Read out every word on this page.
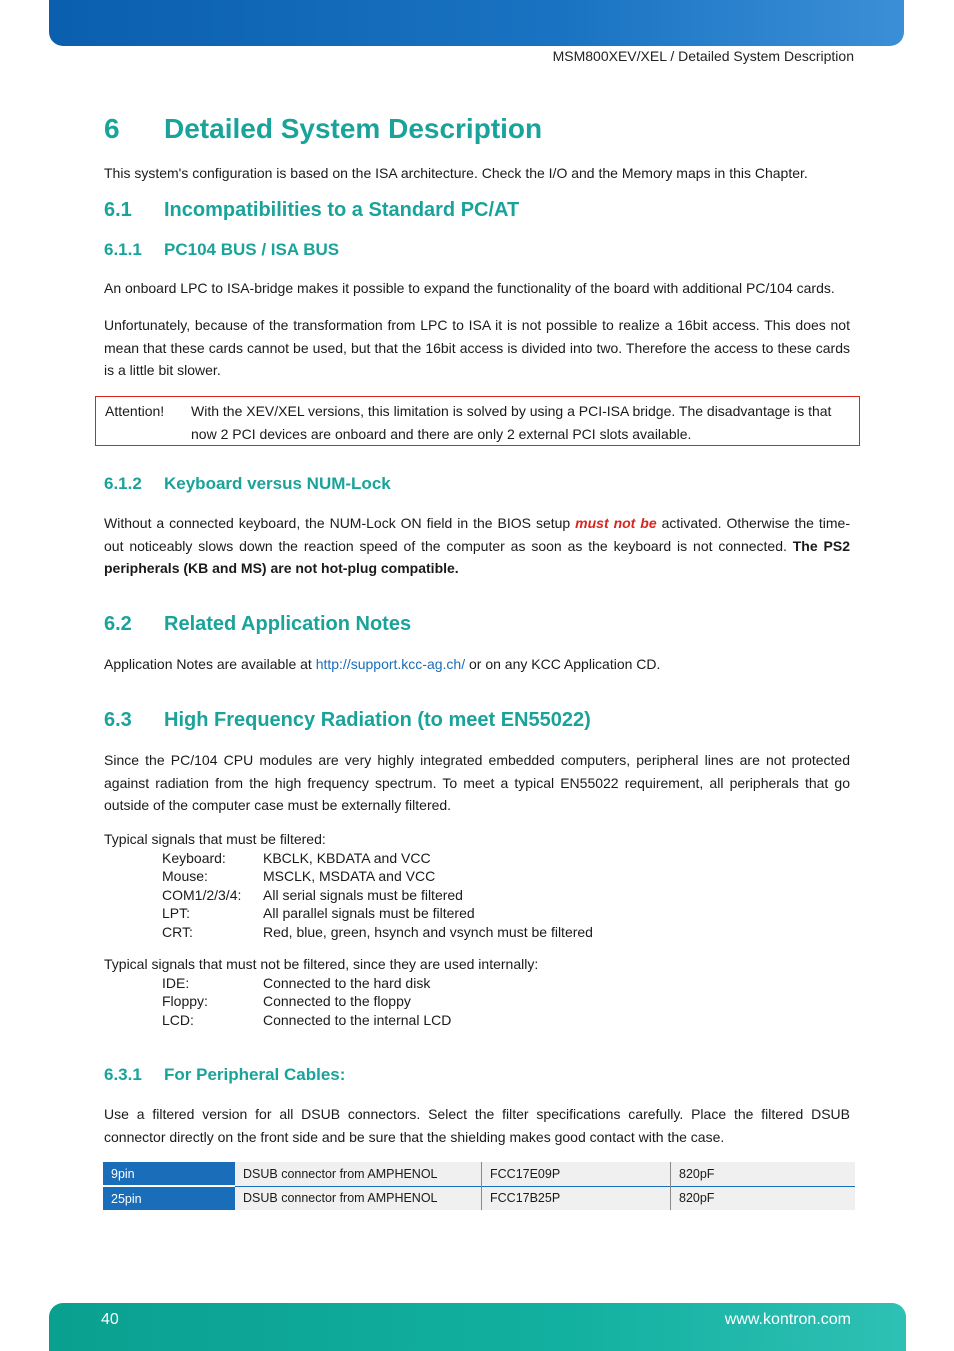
MSM800XEV/XEL / Detailed System Description
6 Detailed System Description

This system's configuration is based on the ISA architecture. Check the I/O and the Memory maps in this Chapter.

6.1 Incompatibilities to a Standard PC/AT
6.1.1 PC104 BUS / ISA BUS

An onboard LPC to ISA-bridge makes it possible to expand the functionality of the board with additional PC/104 cards.

Unfortunately, because of the transformation from LPC to ISA it is not possible to realize a 16bit access. This does not mean that these cards cannot be used, but that the 16bit access is divided into two. Therefore the access to these cards is a little bit slower.

Attention! With the XEV/XEL versions, this limitation is solved by using a PCI-ISA bridge. The disadvantage is that now 2 PCI devices are onboard and there are only 2 external PCI slots available.
6.1.2 Keyboard versus NUM-Lock

Without a connected keyboard, the NUM-Lock ON field in the BIOS setup must not be activated. Otherwise the time-out noticeably slows down the reaction speed of the computer as soon as the keyboard is not connected. The PS2 peripherals (KB and MS) are not hot-plug compatible.

6.2 Related Application Notes

Application Notes are available at http://support.kcc-ag.ch/ or on any KCC Application CD.

6.3 High Frequency Radiation (to meet EN55022)

Since the PC/104 CPU modules are very highly integrated embedded computers, peripheral lines are not protected against radiation from the high frequency spectrum. To meet a typical EN55022 requirement, all peripherals that go outside of the computer case must be externally filtered.

Typical signals that must be filtered:
Keyboard:	KBCLK, KBDATA and VCC
Mouse:	MSCLK, MSDATA and VCC
COM1/2/3/4: All serial signals must be filtered
LPT:	All parallel signals must be filtered
CRT:	Red, blue, green, hsynch and vsynch must be filtered
Typical signals that must not be filtered, since they are used internally:
IDE:	Connected to the hard disk
Floppy:	Connected to the floppy
LCD:	Connected to the internal LCD
6.3.1 For Peripheral Cables:

Use a filtered version for all DSUB connectors. Select the filter specifications carefully. Place the filtered DSUB connector directly on the front side and be sure that the shielding makes good contact with the case.

9pin	DSUB connector from AMPHENOL	FCC17E09P	820pF
25pin	DSUB connector from AMPHENOL	FCC17B25P	820pF
40	www.kontron.com
